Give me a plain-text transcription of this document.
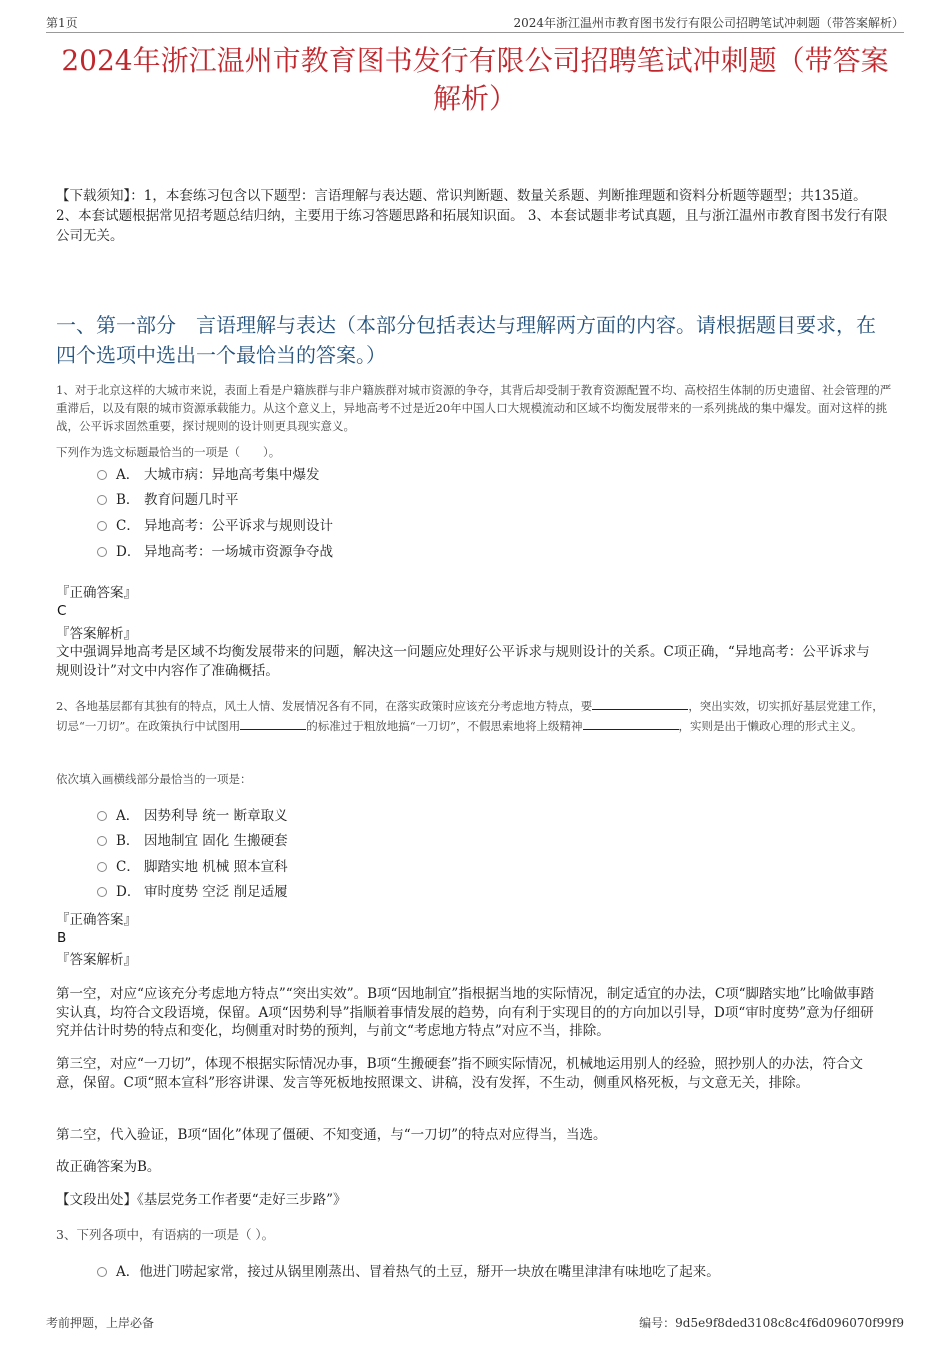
第1页	2024年浙江温州市教育图书发行有限公司招聘笔试冲刺题（带答案解析）
2024年浙江温州市教育图书发行有限公司招聘笔试冲刺题（带答案解析）
【下载须知】：1，本套练习包含以下题型：言语理解与表达题、常识判断题、数量关系题、判断推理题和资料分析题等题型；共135道。 2、本套试题根据常见招考题总结归纳，主要用于练习答题思路和拓展知识面。 3、本套试题非考试真题，且与浙江温州市教育图书发行有限公司无关。
一、第一部分　言语理解与表达（本部分包括表达与理解两方面的内容。请根据题目要求，在四个选项中选出一个最恰当的答案。）
1、对于北京这样的大城市来说，表面上看是户籍族群与非户籍族群对城市资源的争夺，其背后却受制于教育资源配置不均、高校招生体制的历史遗留、社会管理的严重滞后，以及有限的城市资源承载能力。从这个意义上，异地高考不过是近20年中国人口大规模流动和区域不均衡发展带来的一系列挑战的集中爆发。面对这样的挑战，公平诉求固然重要，探讨规则的设计则更具现实意义。
下列作为选文标题最恰当的一项是（　　）。
A． 大城市病：异地高考集中爆发
B． 教育问题几时平
C． 异地高考：公平诉求与规则设计
D． 异地高考：一场城市资源争夺战
『正确答案』
C
『答案解析』
文中强调异地高考是区域不均衡发展带来的问题，解决这一问题应处理好公平诉求与规则设计的关系。C项正确，“异地高考：公平诉求与规则设计”对文中内容作了准确概括。
2、各地基层都有其独有的特点，风土人情、发展情况各有不同，在落实政策时应该充分考虑地方特点，要	，突出实效，切实抓好基层党建工作，切忌“一刀切”。在政策执行中试图用	的标准过于粗放地搞“一刀切”，不假思索地将上级精神	，实则是出于懒政心理的形式主义。
依次填入画横线部分最恰当的一项是：
A． 因势利导 统一 断章取义
B． 因地制宜 固化 生搬硬套
C． 脚踏实地 机械 照本宣科
D． 审时度势 空泛 削足适履
『正确答案』
B
『答案解析』
第一空，对应“应该充分考虑地方特点”“突出实效”。B项“因地制宜”指根据当地的实际情况，制定适宜的办法，C项“脚踏实地”比喻做事踏实认真，均符合文段语境，保留。A项“因势利导”指顺着事情发展的趋势，向有利于实现目的的方向加以引导，D项“审时度势”意为仔细研究并估计时势的特点和变化，均侧重对时势的预判，与前文“考虑地方特点”对应不当，排除。
第三空，对应“一刀切”，体现不根据实际情况办事，B项“生搬硬套”指不顾实际情况，机械地运用别人的经验，照抄别人的办法，符合文意，保留。C项“照本宣科”形容讲课、发言等死板地按照课文、讲稿，没有发挥，不生动，侧重风格死板，与文意无关，排除。
第二空，代入验证，B项“固化”体现了僵硬、不知变通，与“一刀切”的特点对应得当，当选。
故正确答案为B。
【文段出处】《基层党务工作者要“走好三步路”》
3、下列各项中，有语病的一项是（ ）。
A．他进门唠起家常，接过从锅里刚蒸出、冒着热气的土豆，掰开一块放在嘴里津津有味地吃了起来。
考前押题，上岸必备	编号：9d5e9f8ded3108c8c4f6d096070f99f9
